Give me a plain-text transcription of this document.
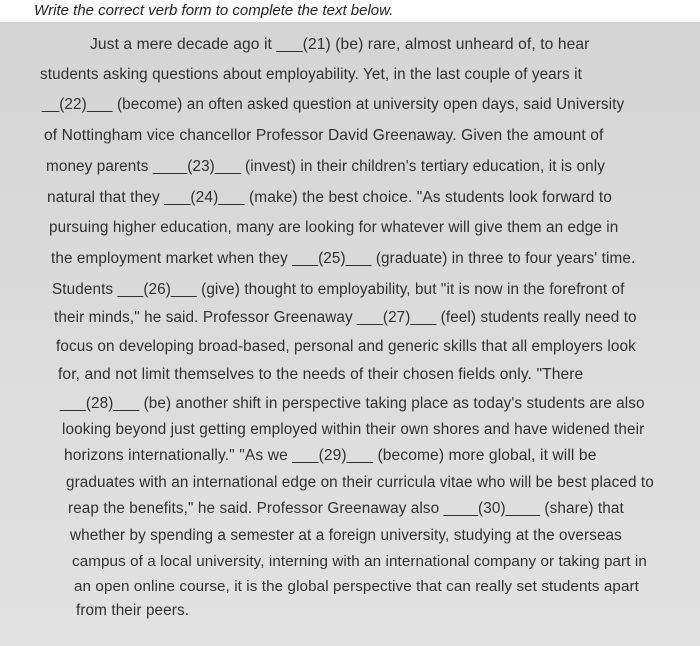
Write the correct verb form to complete the text below.
Just a mere decade ago it ___(21) (be) rare, almost unheard of, to hear
students asking questions about employability. Yet, in the last couple of years it
__(22)___ (become) an often asked question at university open days, said University
of Nottingham vice chancellor Professor David Greenaway. Given the amount of
money parents ____(23)___ (invest) in their children's tertiary education, it is only
natural that they ___(24)___ (make) the best choice. "As students look forward to
pursuing higher education, many are looking for whatever will give them an edge in
the employment market when they ___(25)___ (graduate) in three to four years' time.
Students ___(26)___ (give) thought to employability, but "it is now in the forefront of
their minds," he said. Professor Greenaway ___(27)___ (feel) students really need to
focus on developing broad-based, personal and generic skills that all employers look
for, and not limit themselves to the needs of their chosen fields only. "There
___(28)___ (be) another shift in perspective taking place as today's students are also
looking beyond just getting employed within their own shores and have widened their
horizons internationally." "As we ___(29)___ (become) more global, it will be
graduates with an international edge on their curricula vitae who will be best placed to
reap the benefits," he said. Professor Greenaway also ____(30)____ (share) that
whether by spending a semester at a foreign university, studying at the overseas
campus of a local university, interning with an international company or taking part in
an open online course, it is the global perspective that can really set students apart
from their peers.
